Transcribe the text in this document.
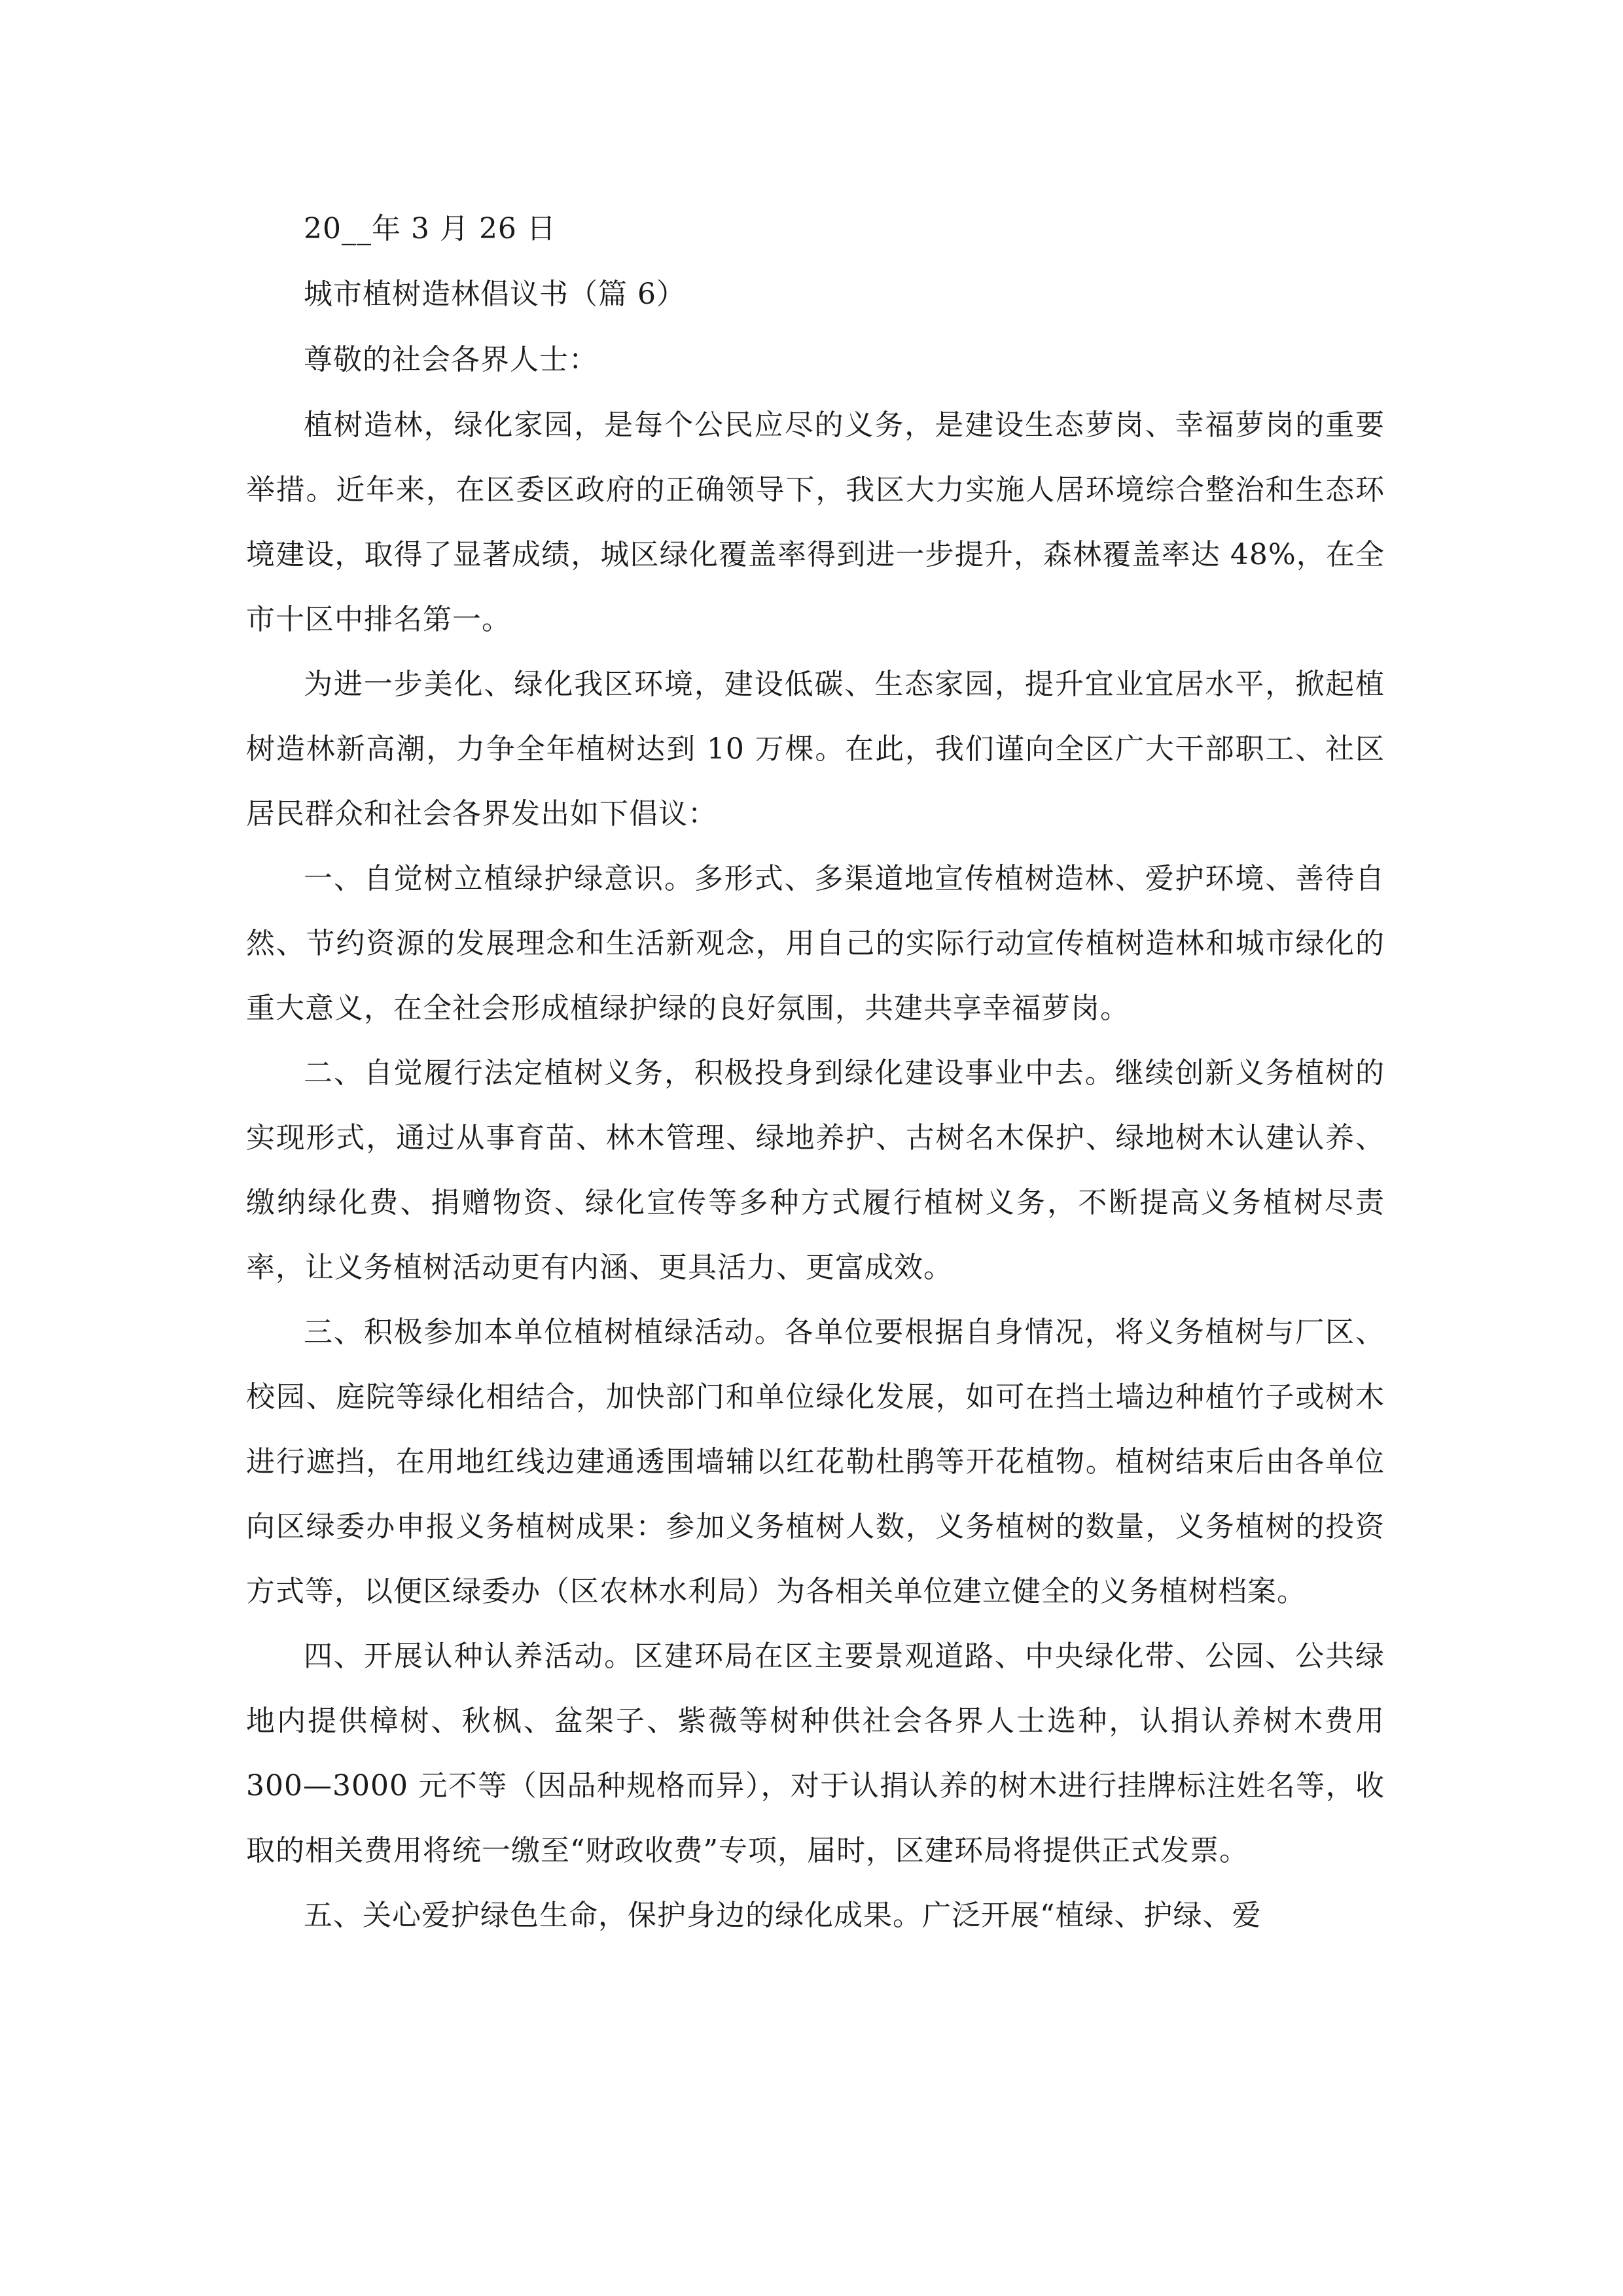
20__年 3 月 26 日
城市植树造林倡议书（篇 6）
尊敬的社会各界人士：

植树造林，绿化家园，是每个公民应尽的义务，是建设生态萝岗、幸福萝岗的重要举措。近年来，在区委区政府的正确领导下，我区大力实施人居环境综合整治和生态环境建设，取得了显著成绩，城区绿化覆盖率得到进一步提升，森林覆盖率达 48%，在全市十区中排名第一。

为进一步美化、绿化我区环境，建设低碳、生态家园，提升宜业宜居水平，掀起植树造林新高潮，力争全年植树达到 10 万棵。在此，我们谨向全区广大干部职工、社区居民群众和社会各界发出如下倡议：

一、自觉树立植绿护绿意识。多形式、多渠道地宣传植树造林、爱护环境、善待自然、节约资源的发展理念和生活新观念，用自己的实际行动宣传植树造林和城市绿化的重大意义，在全社会形成植绿护绿的良好氛围，共建共享幸福萝岗。

二、自觉履行法定植树义务，积极投身到绿化建设事业中去。继续创新义务植树的实现形式，通过从事育苗、林木管理、绿地养护、古树名木保护、绿地树木认建认养、缴纳绿化费、捐赠物资、绿化宣传等多种方式履行植树义务，不断提高义务植树尽责率，让义务植树活动更有内涵、更具活力、更富成效。

三、积极参加本单位植树植绿活动。各单位要根据自身情况，将义务植树与厂区、校园、庭院等绿化相结合，加快部门和单位绿化发展，如可在挡土墙边种植竹子或树木进行遮挡，在用地红线边建通透围墙辅以红花勒杜鹃等开花植物。植树结束后由各单位向区绿委办申报义务植树成果：参加义务植树人数，义务植树的数量，义务植树的投资方式等，以便区绿委办（区农林水利局）为各相关单位建立健全的义务植树档案。

四、开展认种认养活动。区建环局在区主要景观道路、中央绿化带、公园、公共绿地内提供樟树、秋枫、盆架子、紫薇等树种供社会各界人士选种，认捐认养树木费用 300—3000 元不等（因品种规格而异），对于认捐认养的树木进行挂牌标注姓名等，收取的相关费用将统一缴至“财政收费”专项，届时，区建环局将提供正式发票。

五、关心爱护绿色生命，保护身边的绿化成果。广泛开展“植绿、护绿、爱
